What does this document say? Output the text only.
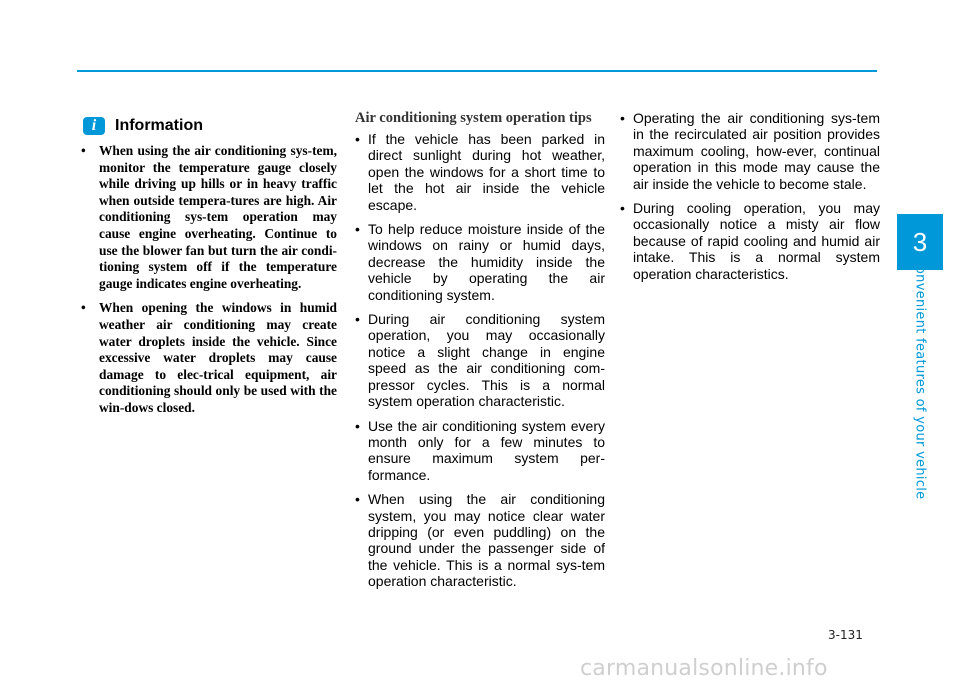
3
Convenient features of your vehicle
i	Information
• When using the air conditioning sys-tem, monitor the temperature gauge closely while driving up hills or in heavy traffic when outside tempera-tures are high. Air conditioning sys-tem operation may cause engine overheating. Continue to use the blower fan but turn the air condi-tioning system off if the temperature gauge indicates engine overheating.
• When opening the windows in humid weather air conditioning may create water droplets inside the vehicle. Since excessive water droplets may cause damage to elec-trical equipment, air conditioning should only be used with the win-dows closed.
Air conditioning system operation tips
• If the vehicle has been parked in direct sunlight during hot weather, open the windows for a short time to let the hot air inside the vehicle escape.
• To help reduce moisture inside of the windows on rainy or humid days, decrease the humidity inside the vehicle by operating the air conditioning system.
• During air conditioning system operation, you may occasionally notice a slight change in engine speed as the air conditioning com-pressor cycles. This is a normal system operation characteristic.
• Use the air conditioning system every month only for a few minutes to ensure maximum system per-formance.
• When using the air conditioning system, you may notice clear water dripping (or even puddling) on the ground under the passenger side of the vehicle. This is a normal sys-tem operation characteristic.
• Operating the air conditioning sys-tem in the recirculated air position provides maximum cooling, how-ever, continual operation in this mode may cause the air inside the vehicle to become stale.
• During cooling operation, you may occasionally notice a misty air flow because of rapid cooling and humid air intake. This is a normal system operation characteristics.
3-131
carmanualsonline.info
